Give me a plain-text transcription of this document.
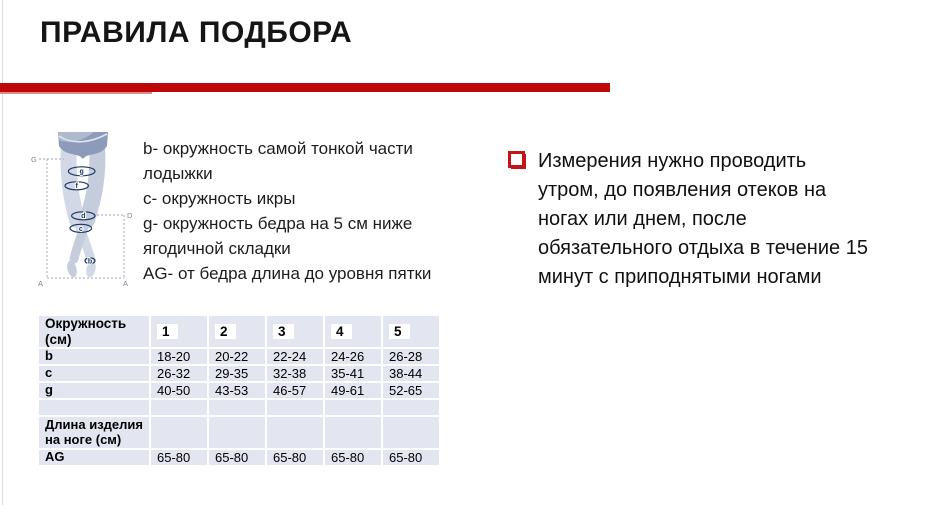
ПРАВИЛА ПОДБОРА
g
f
d
c
b
G
D
A	A
b- окружность самой тонкой части лодыжки
c- окружность икры
g- окружность бедра на 5 см ниже ягодичной складки
AG- от бедра длина до уровня пятки
Измерения нужно проводить
утром, до появления отеков на
ногах или днем, после
обязательного отдыха в течение 15
минут с приподнятыми ногами
Окружность (см)	1	2	3	4	5
b	18-20	20-22	22-24	24-26	26-28
c	26-32	29-35	32-38	35-41	38-44
g	40-50	43-53	46-57	49-61	52-65

Длина изделия на ноге (см)					
AG	65-80	65-80	65-80	65-80	65-80
